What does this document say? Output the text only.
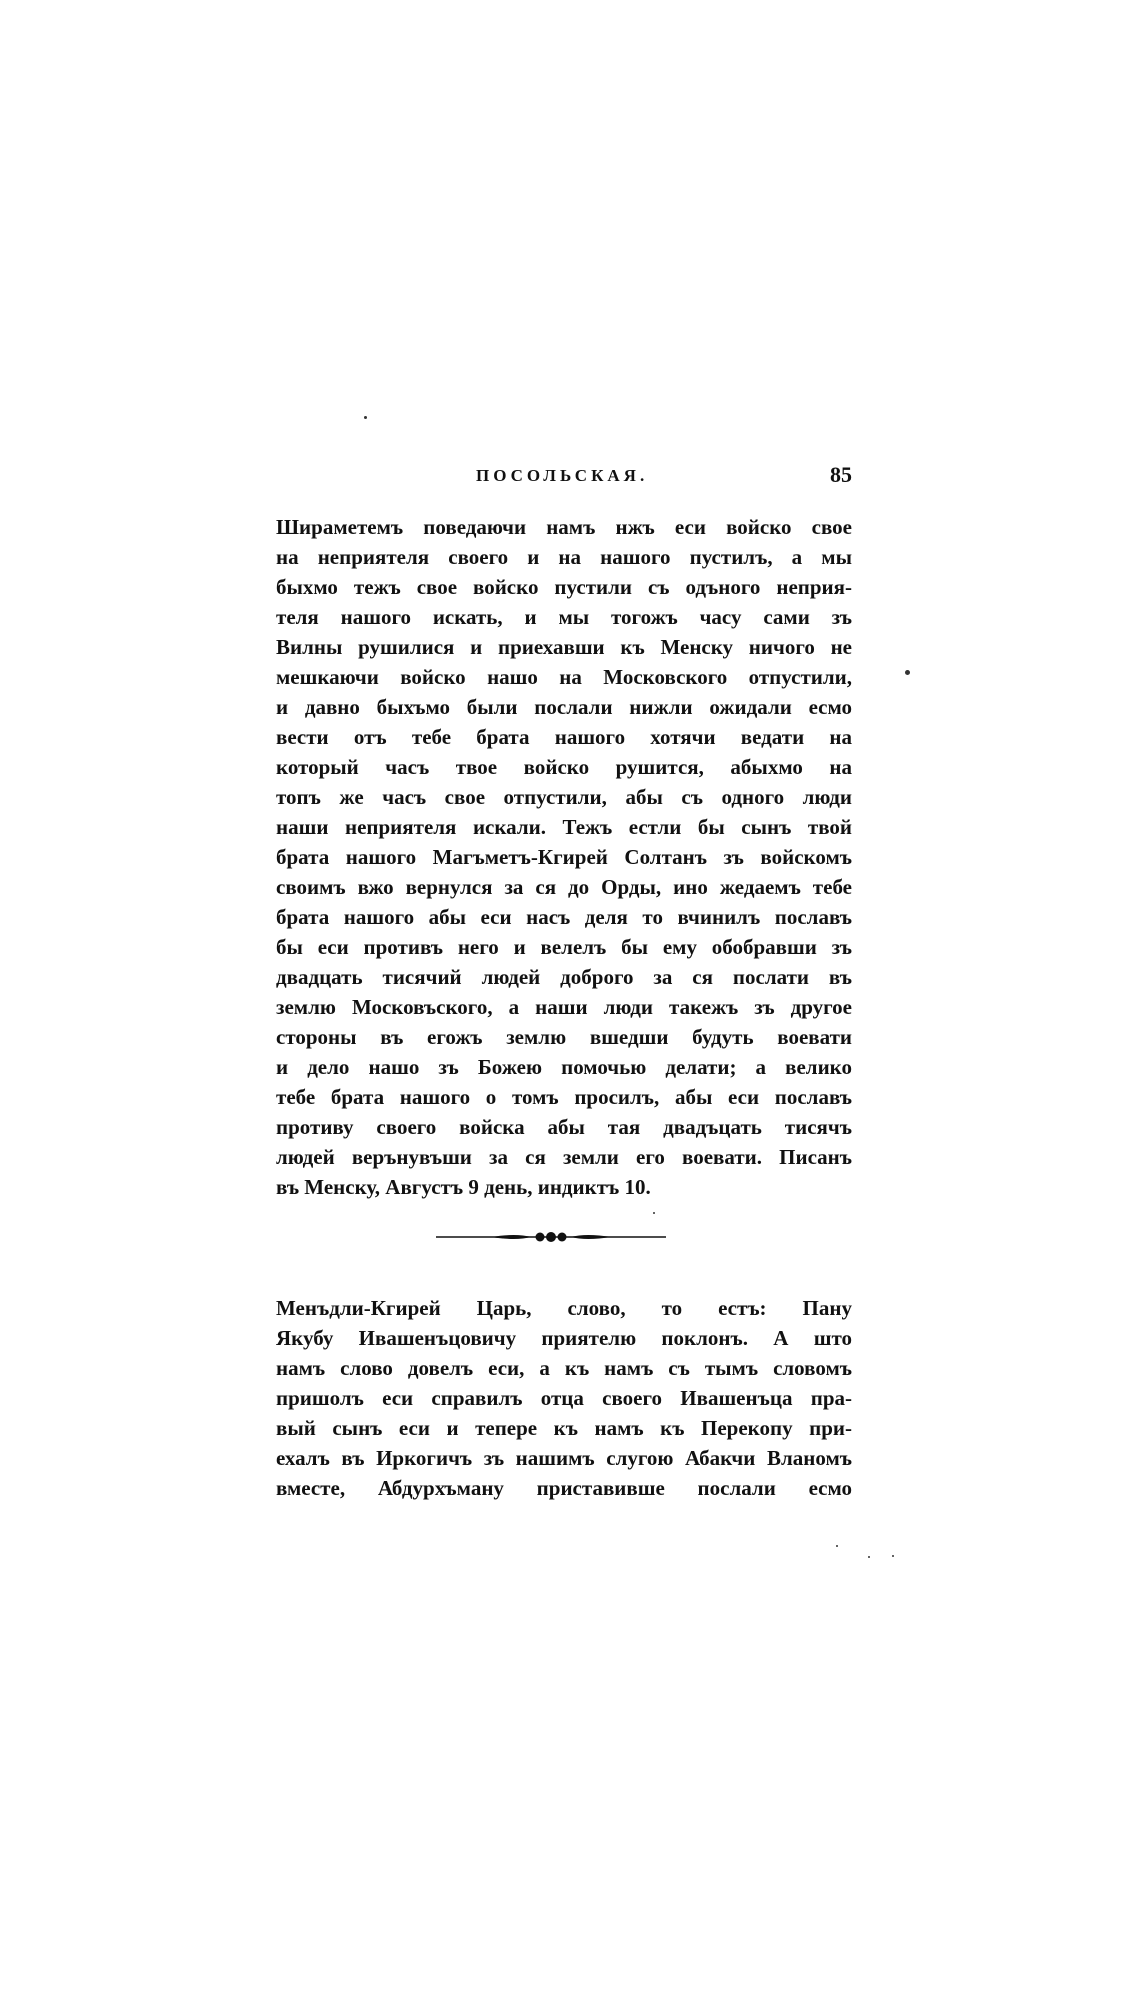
ПОСОЛЬСКАЯ.	85
Шираметемъ поведаючи намъ нжъ еси войско свое
на неприятеля своего и на нашого пустилъ, а мы
быхмо тежъ свое войско пустили съ одъного неприя-
теля нашого искать, и мы тогожъ часу сами зъ
Вилны рушилися и приехавши къ Менску ничого не
мешкаючи войско нашо на Московского отпустили,
и давно быхъмо были послали нижли ожидали есмо
вести отъ тебе брата нашого хотячи ведати на
который часъ твое войско рушится, абыхмо на
топъ же часъ свое отпустили, абы съ одного люди
наши неприятеля искали. Тежъ естли бы сынъ твой
брата нашого Магъметъ-Кгирей Солтанъ зъ войскомъ
своимъ вжо вернулся за ся до Орды, ино жедаемъ тебе
брата нашого абы еси насъ деля то вчинилъ пославъ
бы еси противъ него и велелъ бы ему обобравши зъ
двадцать тисячий людей доброго за ся послати въ
землю Московъского, а наши люди такежъ зъ другое
стороны въ егожъ землю вшедши будуть воевати
и дело нашо зъ Божею помочью делати; а велико
тебе брата нашого о томъ просилъ, абы еси пославъ
противу своего войска абы тая двадъцать тисячъ
людей верънувъши за ся земли его воевати. Писанъ
въ Менску, Августъ 9 день, индиктъ 10.
Менъдли-Кгирей Царь, слово, то естъ: Пану
Якубу Ивашенъцовичу приятелю поклонъ. А што
намъ слово довелъ еси, а къ намъ съ тымъ словомъ
пришолъ еси справилъ отца своего Ивашенъца пра-
вый сынъ еси и тепере къ намъ къ Перекопу при-
ехалъ въ Иркогичъ зъ нашимъ слугою Абакчи Вланомъ
вместе, Абдурхъману приставивше послали есмо
